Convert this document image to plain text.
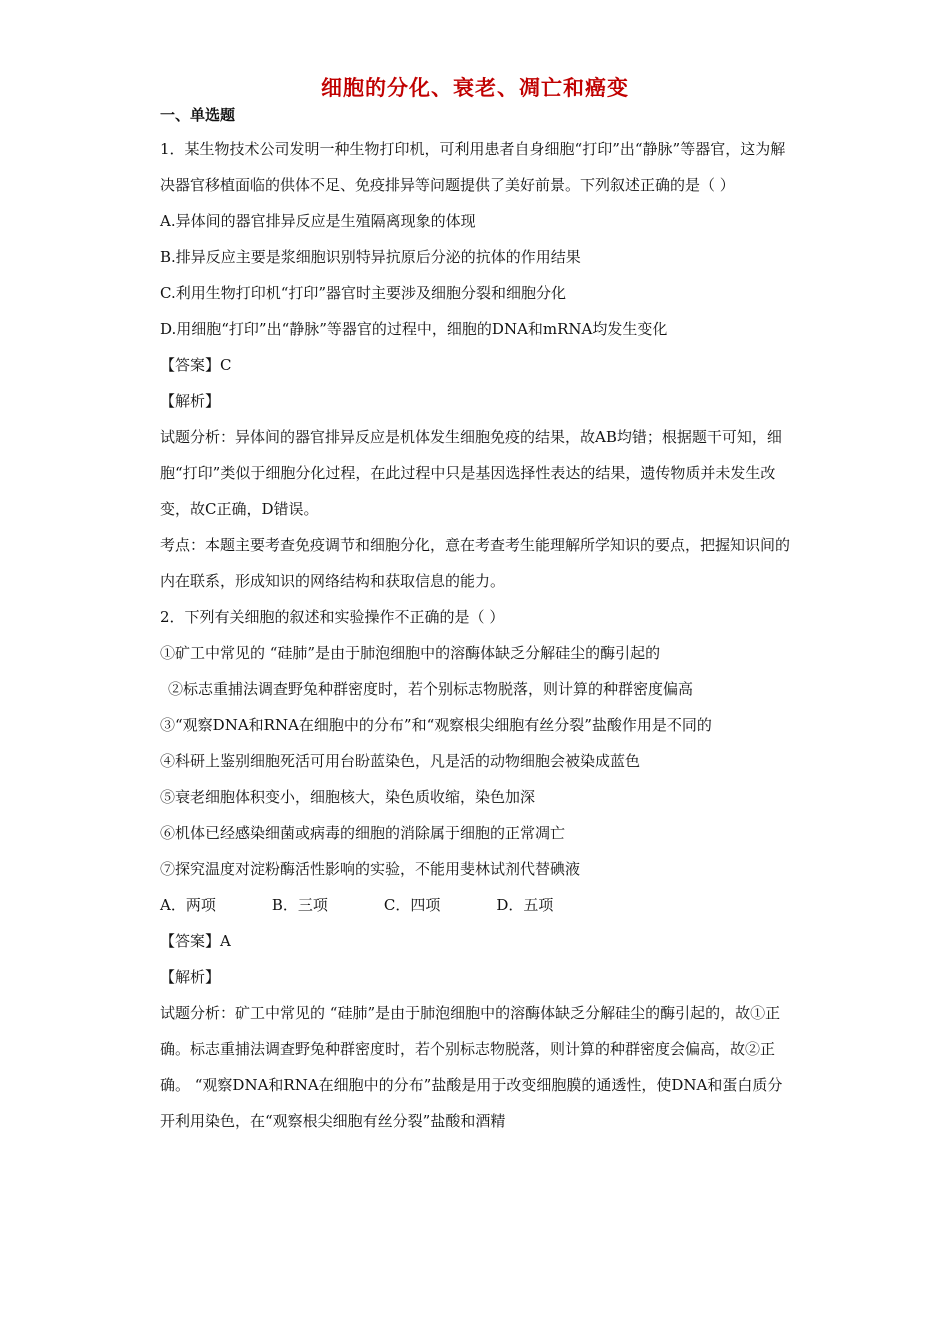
细胞的分化、衰老、凋亡和癌变
一、单选题

1．某生物技术公司发明一种生物打印机，可利用患者自身细胞“打印”出“静脉”等器官，这为解决器官移植面临的供体不足、免疫排异等问题提供了美好前景。下列叙述正确的是（ ）

A.异体间的器官排异反应是生殖隔离现象的体现

B.排异反应主要是浆细胞识别特异抗原后分泌的抗体的作用结果

C.利用生物打印机“打印”器官时主要涉及细胞分裂和细胞分化

D.用细胞“打印”出“静脉”等器官的过程中，细胞的DNA和mRNA均发生变化

【答案】C

【解析】

试题分析：异体间的器官排异反应是机体发生细胞免疫的结果，故AB均错；根据题干可知，细胞“打印”类似于细胞分化过程，在此过程中只是基因选择性表达的结果，遗传物质并未发生改变，故C正确，D错误。

考点：本题主要考查免疫调节和细胞分化，意在考查考生能理解所学知识的要点，把握知识间的内在联系，形成知识的网络结构和获取信息的能力。

2．下列有关细胞的叙述和实验操作不正确的是（ ）

①矿工中常见的 “硅肺”是由于肺泡细胞中的溶酶体缺乏分解硅尘的酶引起的

②标志重捕法调查野兔种群密度时，若个别标志物脱落，则计算的种群密度偏高

③“观察DNA和RNA在细胞中的分布”和“观察根尖细胞有丝分裂”盐酸作用是不同的

④科研上鉴别细胞死活可用台盼蓝染色，凡是活的动物细胞会被染成蓝色

⑤衰老细胞体积变小，细胞核大，染色质收缩，染色加深

⑥机体已经感染细菌或病毒的细胞的消除属于细胞的正常凋亡

⑦探究温度对淀粉酶活性影响的实验，不能用斐林试剂代替碘液

A．两项	B．三项	C．四项	D．五项

【答案】A

【解析】

试题分析：矿工中常见的 “硅肺”是由于肺泡细胞中的溶酶体缺乏分解硅尘的酶引起的，故①正确。标志重捕法调查野兔种群密度时，若个别标志物脱落，则计算的种群密度会偏高，故②正确。 “观察DNA和RNA在细胞中的分布”盐酸是用于改变细胞膜的通透性，使DNA和蛋白质分开利用染色，在“观察根尖细胞有丝分裂”盐酸和酒精
